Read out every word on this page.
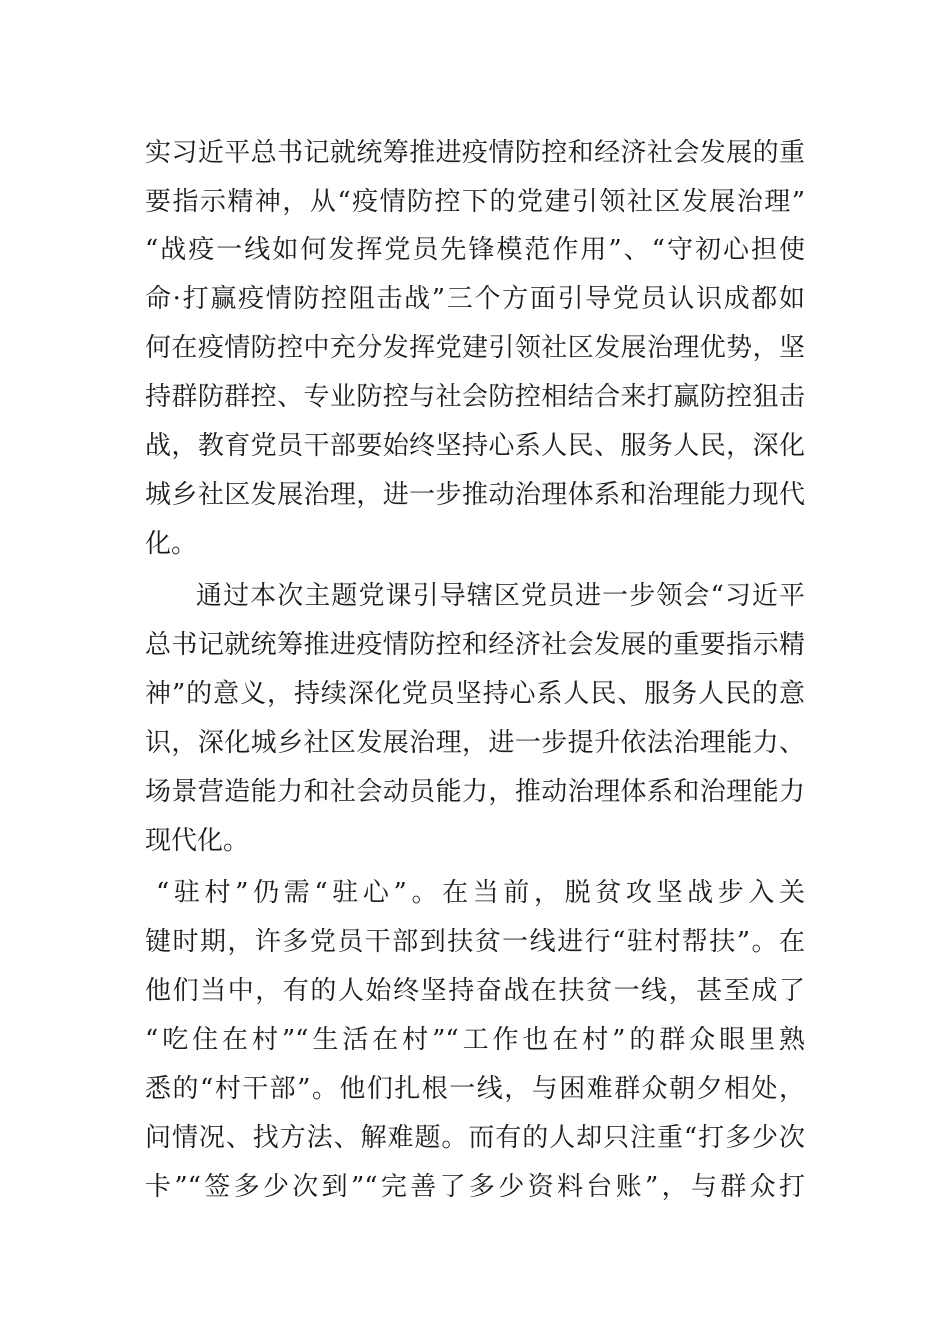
实习近平总书记就统筹推进疫情防控和经济社会发展的重
要指示精神，从“疫情防控下的党建引领社区发展治理”
“战疫一线如何发挥党员先锋模范作用”、“守初心担使
命·打赢疫情防控阻击战”三个方面引导党员认识成都如
何在疫情防控中充分发挥党建引领社区发展治理优势，坚
持群防群控、专业防控与社会防控相结合来打赢防控狙击
战，教育党员干部要始终坚持心系人民、服务人民，深化
城乡社区发展治理，进一步推动治理体系和治理能力现代
化。
通过本次主题党课引导辖区党员进一步领会“习近平
总书记就统筹推进疫情防控和经济社会发展的重要指示精
神”的意义，持续深化党员坚持心系人民、服务人民的意
识，深化城乡社区发展治理，进一步提升依法治理能力、
场景营造能力和社会动员能力，推动治理体系和治理能力
现代化。
“驻村”仍需“驻心”。在当前，脱贫攻坚战步入关
键时期，许多党员干部到扶贫一线进行“驻村帮扶”。在
他们当中，有的人始终坚持奋战在扶贫一线，甚至成了
“吃住在村”“生活在村”“工作也在村”的群众眼里熟
悉的“村干部”。他们扎根一线，与困难群众朝夕相处，
问情况、找方法、解难题。而有的人却只注重“打多少次
卡”“签多少次到”“完善了多少资料台账”，与群众打
